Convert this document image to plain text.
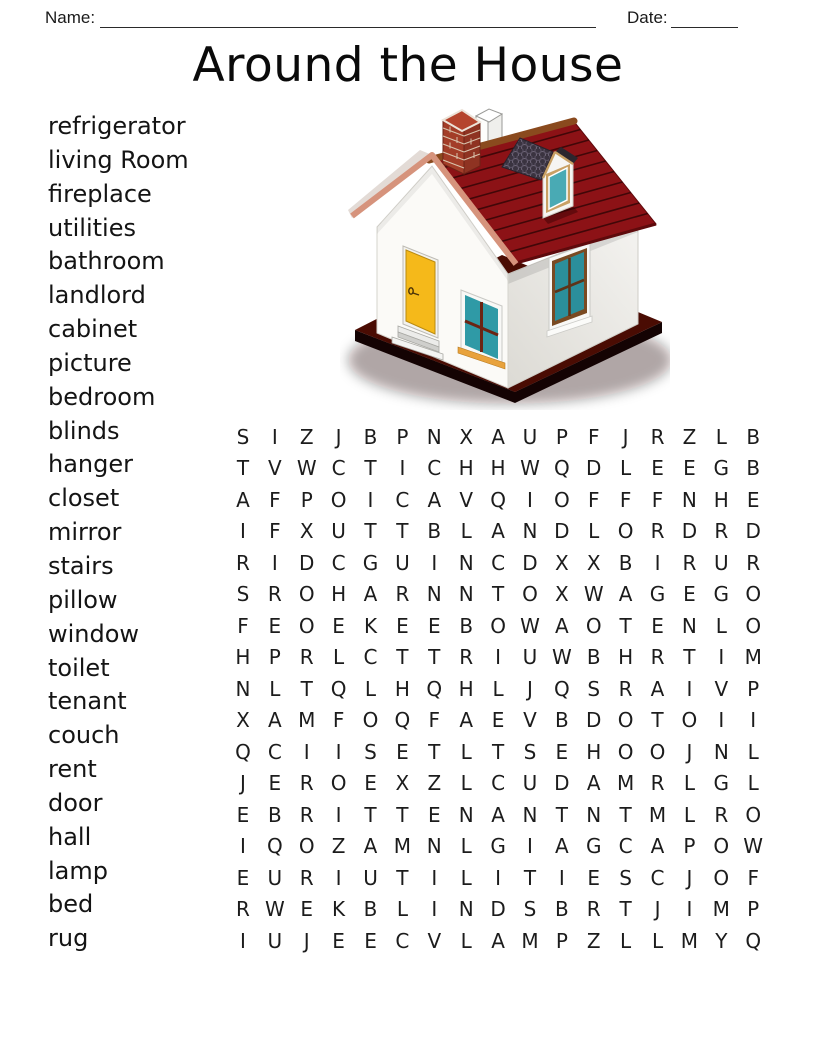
Name:	Date:
Around the House
refrigerator
living Room
fireplace
utilities
bathroom
landlord
cabinet
picture
bedroom
blinds
hanger
closet
mirror
stairs
pillow
window
toilet
tenant
couch
rent
door
hall
lamp
bed
rug
S	I	Z	J	B P N X A U P	F	J	R Z L B
T V W C T	I	C H H W Q D L	E E G B
A F	P O	I	C A V Q	I	O F	F	F N H E
I	F X U T T B L A N D L O R D R D
R	I	D C G U	I	N C D X X B	I	R U R
S R O H A R N N T O X W A G E G O
F E O E K E E B O W A O T E N L O
H P R L C T T R	I	U W B H R T	I	M
N L	T Q L H Q H L	J	Q S R A	I	V P
X A M F O Q F A E V B D O T O	I	I
Q C	I	I	S E T	L	T S E H O O	J	N L
J	E R O E X Z L C U D A M R L G L
E B R	I	T T E N A N T N T M L R O
I	Q O Z A M N L G	I	A G C A P O W
E U R	I	U T	I	L	I	T	I	E S C	J	O F
R W E K B L	I	N D S B R T	J	I	M P
I	U	J	E E C V L A M P Z L	L M Y Q
